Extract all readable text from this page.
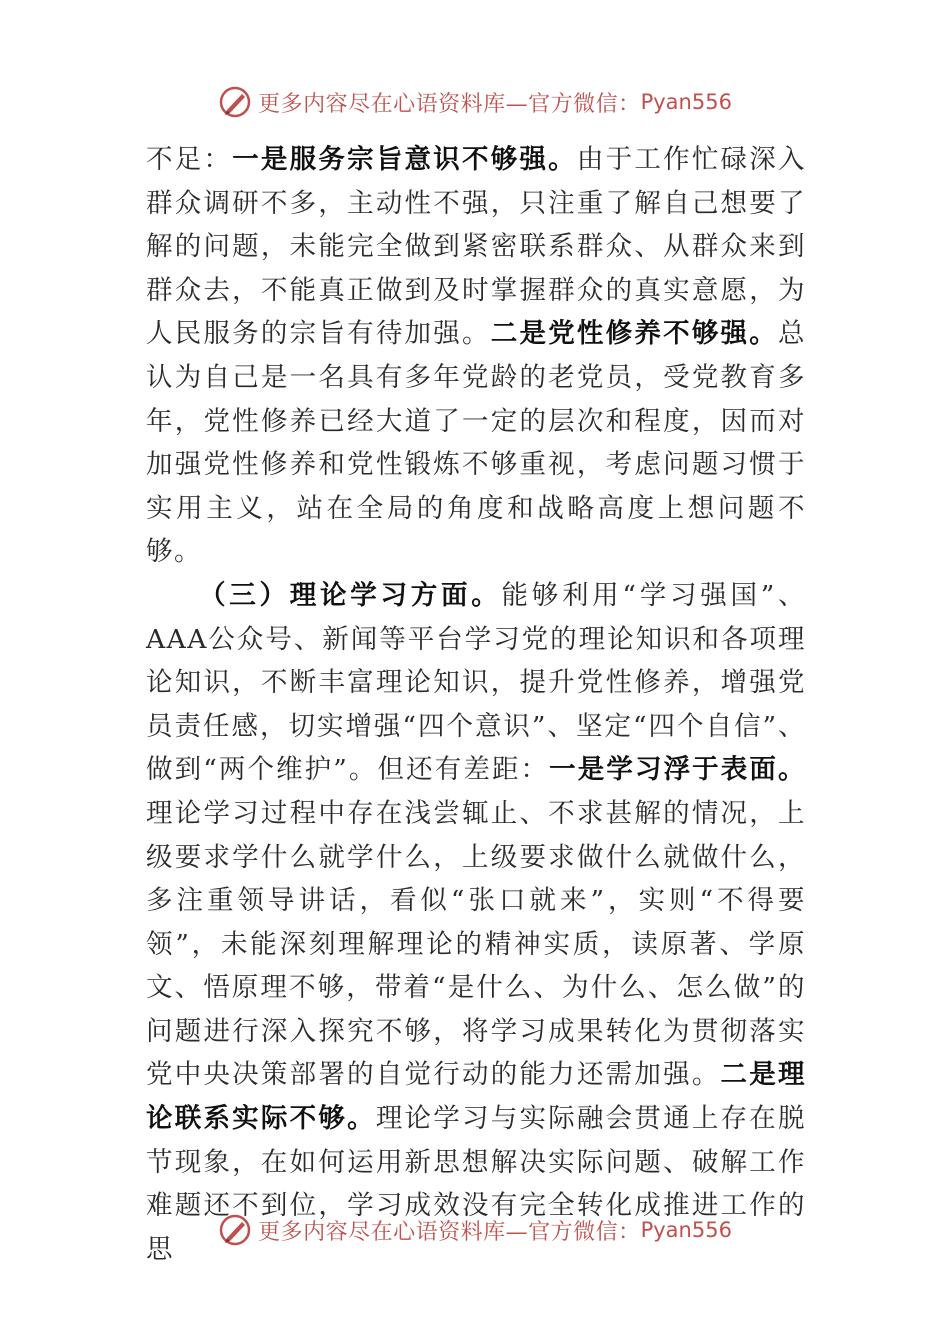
更多内容尽在心语资料库—官方微信： Pyan556

不足：一是服务宗旨意识不够强。由于工作忙碌深入群众调研不多，主动性不强，只注重了解自己想要了解的问题，未能完全做到紧密联系群众、从群众来到群众去，不能真正做到及时掌握群众的真实意愿，为人民服务的宗旨有待加强。二是党性修养不够强。总认为自己是一名具有多年党龄的老党员，受党教育多年，党性修养已经大道了一定的层次和程度，因而对加强党性修养和党性锻炼不够重视，考虑问题习惯于实用主义，站在全局的角度和战略高度上想问题不够。

（三）理论学习方面。能够利用“学习强国”、AAA公众号、新闻等平台学习党的理论知识和各项理论知识，不断丰富理论知识，提升党性修养，增强党员责任感，切实增强“四个意识”、坚定“四个自信”、做到“两个维护”。但还有差距：一是学习浮于表面。理论学习过程中存在浅尝辄止、不求甚解的情况，上级要求学什么就学什么，上级要求做什么就做什么，多注重领导讲话，看似“张口就来”，实则“不得要领”，未能深刻理解理论的精神实质，读原著、学原文、悟原理不够，带着“是什么、为什么、怎么做”的问题进行深入探究不够，将学习成果转化为贯彻落实党中央决策部署的自觉行动的能力还需加强。二是理论联系实际不够。理论学习与实际融会贯通上存在脱节现象，在如何运用新思想解决实际问题、破解工作难题还不到位，学习成效没有完全转化成推进工作的思

更多内容尽在心语资料库—官方微信： Pyan556
